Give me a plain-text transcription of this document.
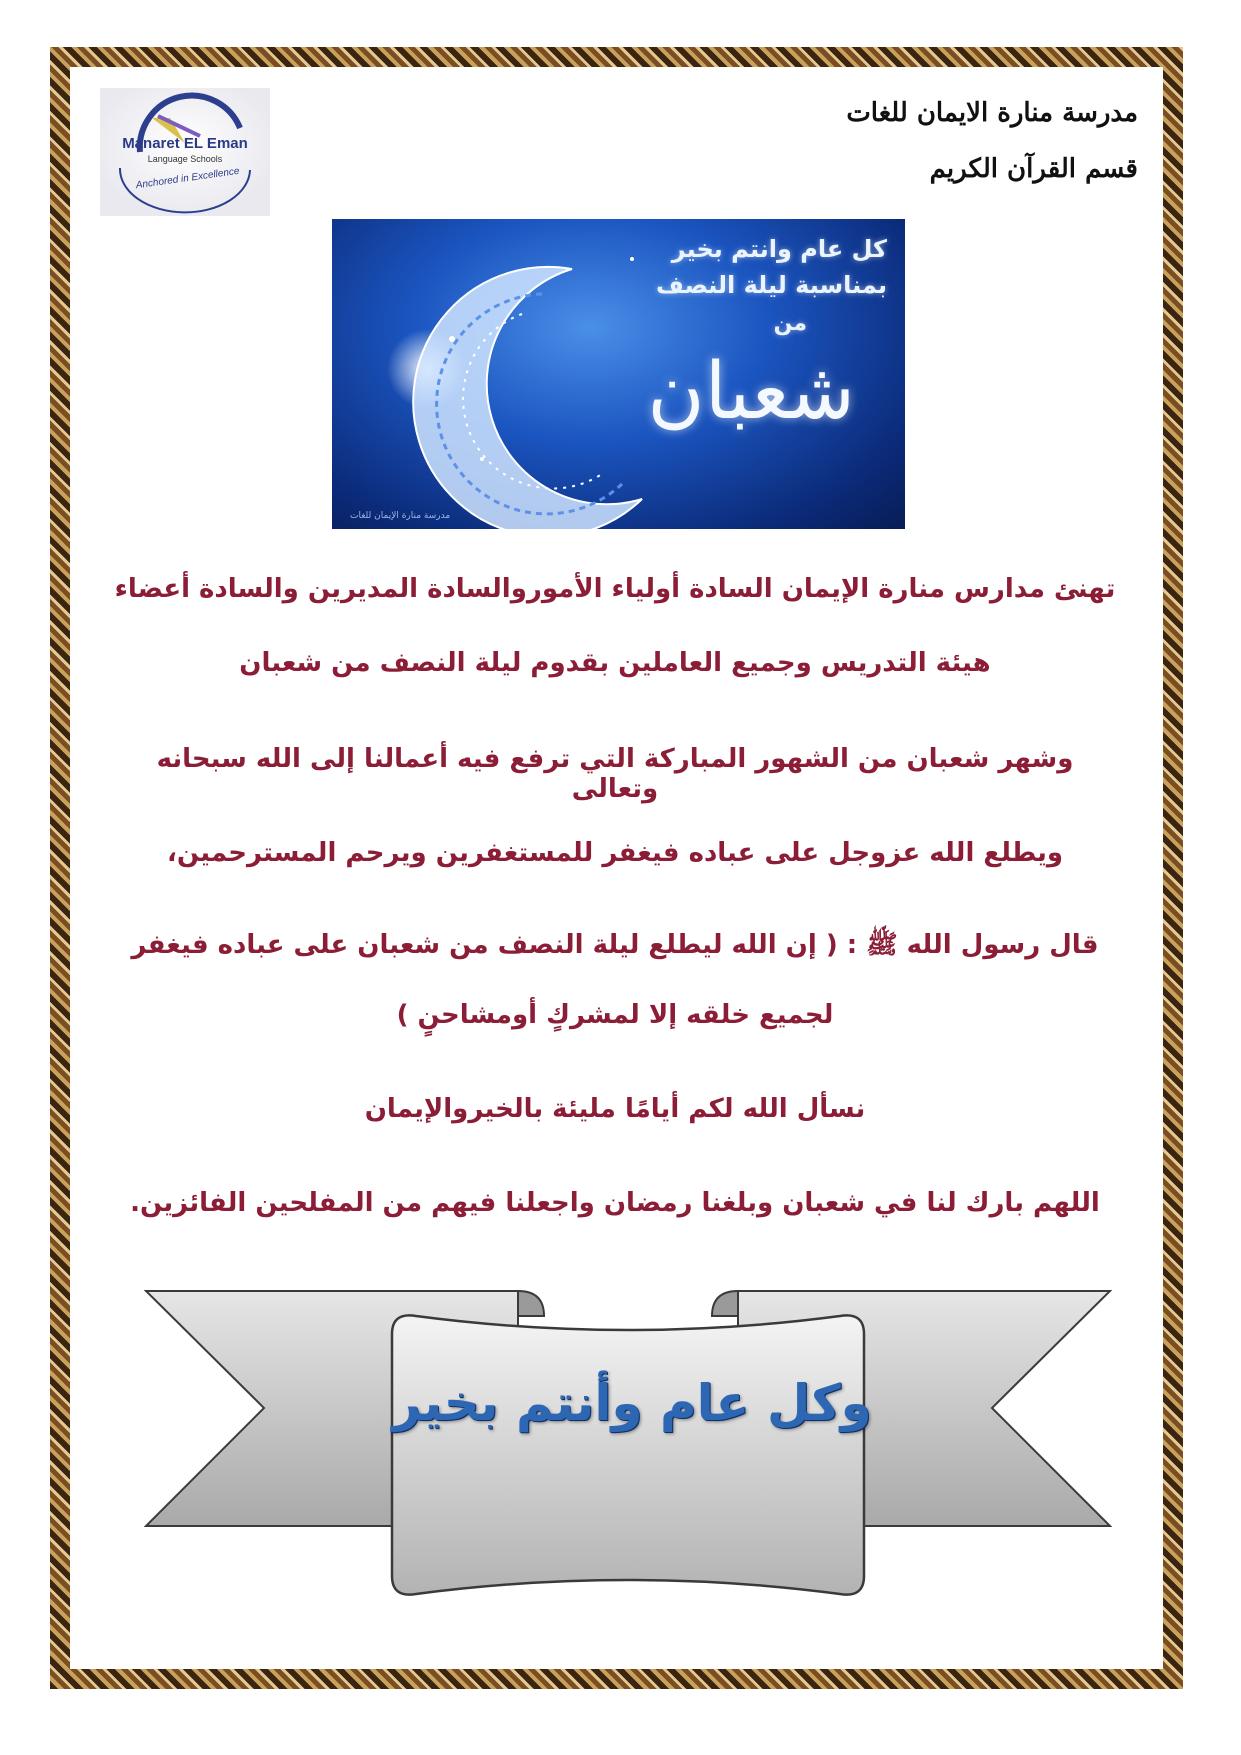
مدرسة منارة الايمان للغات
قسم القرآن الكريم
Manaret EL Eman
Language Schools
Anchored in Excellence
كل عام وانتم بخير
بمناسبة ليلة النصف
من
شعبان
مدرسة منارة الإيمان للغات
تهنئ مدارس منارة الإيمان السادة أولياء الأموروالسادة المديرين والسادة أعضاء
هيئة التدريس وجميع العاملين بقدوم ليلة النصف من شعبان
وشهر شعبان من الشهور المباركة التي ترفع فيه أعمالنا إلى الله سبحانه وتعالى
ويطلع الله عزوجل على عباده فيغفر للمستغفرين ويرحم المسترحمين،
قال رسول الله ﷺ : ( إن الله ليطلع ليلة النصف من شعبان على عباده فيغفر
لجميع خلقه إلا لمشركٍ أومشاحنٍ )
نسأل الله لكم أيامًا مليئة بالخيروالإيمان
اللهم بارك لنا في شعبان وبلغنا رمضان واجعلنا فيهم من المفلحين الفائزين.
وكل عام وأنتم بخير
